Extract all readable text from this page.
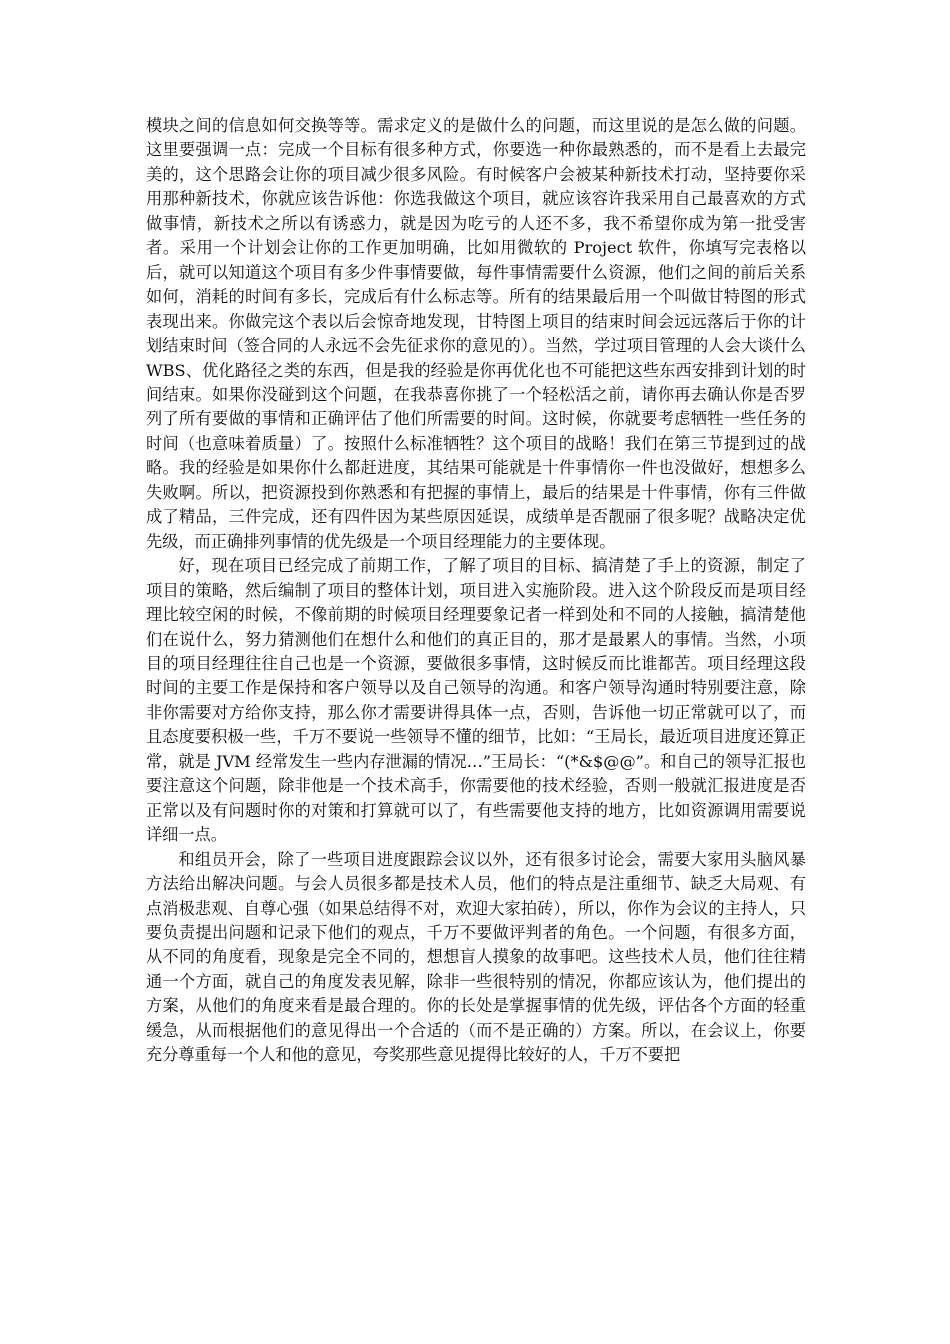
模块之间的信息如何交换等等。需求定义的是做什么的问题，而这里说的是怎么做的问题。这里要强调一点：完成一个目标有很多种方式，你要选一种你最熟悉的，而不是看上去最完美的，这个思路会让你的项目减少很多风险。有时候客户会被某种新技术打动，坚持要你采用那种新技术，你就应该告诉他：你选我做这个项目，就应该容许我采用自己最喜欢的方式做事情，新技术之所以有诱惑力，就是因为吃亏的人还不多，我不希望你成为第一批受害者。采用一个计划会让你的工作更加明确，比如用微软的 Project 软件，你填写完表格以后，就可以知道这个项目有多少件事情要做，每件事情需要什么资源，他们之间的前后关系如何，消耗的时间有多长，完成后有什么标志等。所有的结果最后用一个叫做甘特图的形式表现出来。你做完这个表以后会惊奇地发现，甘特图上项目的结束时间会远远落后于你的计划结束时间（签合同的人永远不会先征求你的意见的）。当然，学过项目管理的人会大谈什么 WBS、优化路径之类的东西，但是我的经验是你再优化也不可能把这些东西安排到计划的时间结束。如果你没碰到这个问题，在我恭喜你挑了一个轻松活之前，请你再去确认你是否罗列了所有要做的事情和正确评估了他们所需要的时间。这时候，你就要考虑牺牲一些任务的时间（也意味着质量）了。按照什么标准牺牲？这个项目的战略！我们在第三节提到过的战略。我的经验是如果你什么都赶进度，其结果可能就是十件事情你一件也没做好，想想多么失败啊。所以，把资源投到你熟悉和有把握的事情上，最后的结果是十件事情，你有三件做成了精品，三件完成，还有四件因为某些原因延误，成绩单是否靓丽了很多呢？战略决定优先级，而正确排列事情的优先级是一个项目经理能力的主要体现。

好，现在项目已经完成了前期工作，了解了项目的目标、搞清楚了手上的资源，制定了项目的策略，然后编制了项目的整体计划，项目进入实施阶段。进入这个阶段反而是项目经理比较空闲的时候，不像前期的时候项目经理要象记者一样到处和不同的人接触，搞清楚他们在说什么，努力猜测他们在想什么和他们的真正目的，那才是最累人的事情。当然，小项目的项目经理往往自己也是一个资源，要做很多事情，这时候反而比谁都苦。项目经理这段时间的主要工作是保持和客户领导以及自己领导的沟通。和客户领导沟通时特别要注意，除非你需要对方给你支持，那么你才需要讲得具体一点，否则，告诉他一切正常就可以了，而且态度要积极一些，千万不要说一些领导不懂的细节，比如：“王局长，最近项目进度还算正常，就是 JVM 经常发生一些内存泄漏的情况…”王局长：“(*&$@@”。和自己的领导汇报也要注意这个问题，除非他是一个技术高手，你需要他的技术经验，否则一般就汇报进度是否正常以及有问题时你的对策和打算就可以了，有些需要他支持的地方，比如资源调用需要说详细一点。

和组员开会，除了一些项目进度跟踪会议以外，还有很多讨论会，需要大家用头脑风暴方法给出解决问题。与会人员很多都是技术人员，他们的特点是注重细节、缺乏大局观、有点消极悲观、自尊心强（如果总结得不对，欢迎大家拍砖），所以，你作为会议的主持人，只要负责提出问题和记录下他们的观点，千万不要做评判者的角色。一个问题，有很多方面，从不同的角度看，现象是完全不同的，想想盲人摸象的故事吧。这些技术人员，他们往往精通一个方面，就自己的角度发表见解，除非一些很特别的情况，你都应该认为，他们提出的方案，从他们的角度来看是最合理的。你的长处是掌握事情的优先级，评估各个方面的轻重缓急，从而根据他们的意见得出一个合适的（而不是正确的）方案。所以，在会议上，你要充分尊重每一个人和他的意见，夸奖那些意见提得比较好的人，千万不要把
